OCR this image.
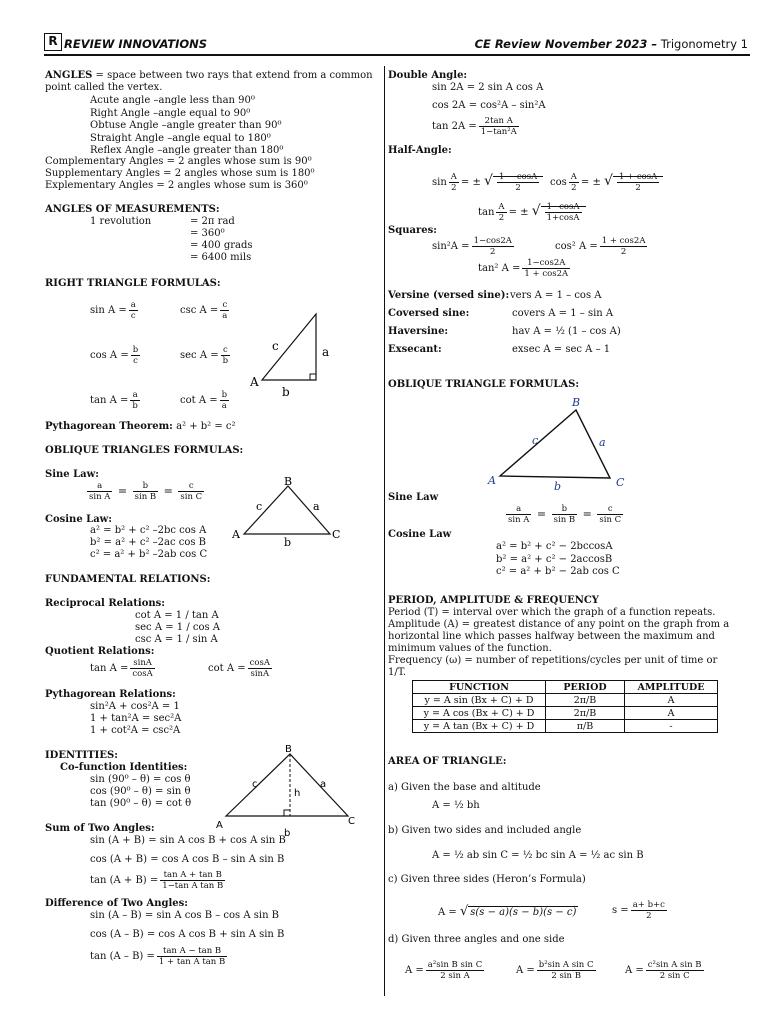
R REVIEW INNOVATIONS	CE Review November 2023 – Trigonometry 1
ANGLES = space between two rays that extend from a common
point called the vertex.
Acute angle –angle less than 90⁰
Right Angle –angle equal to 90⁰
Obtuse Angle –angle greater than 90⁰
Straight Angle –angle equal to 180⁰
Reflex Angle –angle greater than 180⁰
Complementary Angles = 2 angles whose sum is 90⁰
Supplementary Angles = 2 angles whose sum is 180⁰
Explementary Angles = 2 angles whose sum is 360⁰
ANGLES OF MEASUREMENTS:
1 revolution	= 2π rad
= 360⁰
= 400 grads
= 6400 mils
RIGHT TRIANGLE FORMULAS:
$\sin A = \frac{a}{c}$	$\csc A = \frac{c}{a}$
$\cos A = \frac{b}{c}$	$\sec A = \frac{c}{b}$
$\tan A = \frac{a}{b}$	$\cot A = \frac{b}{a}$
c	a
A
b
Pythagorean Theorem: a² + b² = c²
OBLIQUE TRIANGLES FORMULAS:
Sine Law:
$\frac{a}{\text{sin A}} = \frac{b}{\text{sin B}} = \frac{c}{\text{sin C}}$
Cosine Law:
a² = b² + c² –2bc cos A
b² = a² + c² –2ac cos B
c² = a² + b² –2ab cos C
B
c	a
A	C
b
FUNDAMENTAL RELATIONS:
Reciprocal Relations:
cot A = 1 / tan A
sec A = 1 / cos A
csc A = 1 / sin A
Quotient Relations:
$\tan A = \frac{\sin A}{\cos A}$	$\cot A = \frac{\cos A}{\sin A}$
Pythagorean Relations:
sin²A + cos²A = 1
1 + tan²A = sec²A
1 + cot²A = csc²A
IDENTITIES:
Co-function Identities:
sin (90⁰ – θ) = cos θ
cos (90⁰ – θ) = sin θ
tan (90⁰ – θ) = cot θ
B
c	a
h
A	C
b
Sum of Two Angles:
sin (A + B) = sin A cos B + cos A sin B
cos (A + B) = cos A cos B – sin A sin B
$\tan (A + B) = \frac{\text{tan A + tan B}}{\text{1−tan A tan B}}$
Difference of Two Angles:
sin (A – B) = sin A cos B – cos A sin B
cos (A – B) = cos A cos B + sin A sin B
$\tan (A - B) = \frac{\text{tan A − tan B}}{\text{1 + tan A tan B}}$
Double Angle:
sin 2A = 2 sin A cos A
cos 2A = cos²A – sin²A
$\tan 2A = \frac{\text{2tan A}}{\text{1−tan²A}}$
Half-Angle:
$\sin \frac{A}{2}$ = ± √ $\frac{1 - \cos A}{2}$ $\cos \frac{A}{2}$ = ± √ $\frac{1 + \cos A}{2}$
$\tan \frac{A}{2}$ = ± √ $\frac{1-\cos A}{1+\cos A}$
Squares:
$\sin^2A = \frac{1-\cos 2A}{2}$	cos² $A = \frac{1 + \cos 2A}{2}$
tan² $A = \frac{1-\cos 2A}{1 + \cos 2A}$
Versine (versed sine): vers A = 1 – cos A
Coversed sine:	covers A = 1 – sin A
Haversine:	hav A = ½ (1 – cos A)
Exsecant:	exsec A = sec A – 1
OBLIQUE TRIANGLE FORMULAS:
B
c	a
A	C
b
Sine Law
$\frac{a}{\text{sin A}} = \frac{b}{\text{sin B}} = \frac{c}{\text{sin C}}$
Cosine Law
a² = b² + c² − 2bccosA
b² = a² + c² − 2accosB
c² = a² + b² − 2ab cos C
PERIOD, AMPLITUDE & FREQUENCY
Period (T) = interval over which the graph of a function repeats.
Amplitude (A) = greatest distance of any point on the graph from a
horizontal line which passes halfway between the maximum and
minimum values of the function.
Frequency (ω) = number of repetitions/cycles per unit of time or
1/T.
FUNCTION	PERIOD	AMPLITUDE
y = A sin (Bx + C) + D	2π/B	A
y = A cos (Bx + C) + D	2π/B	A
y = A tan (Bx + C) + D	π/B	-
AREA OF TRIANGLE:
a) Given the base and altitude
A = ½ bh
b) Given two sides and included angle
A = ½ ab sin C = ½ bc sin A = ½ ac sin B
c) Given three sides (Heron’s Formula)
A = √ s(s − a)(s − b)(s − c)	$s = \frac{a+ b+c}{2}$
d) Given three angles and one side
$A = \frac{\text{a²sin B sin C}}{\text{2 sin A}}$	$A = \frac{\text{b²sin A sin C}}{\text{2 sin B}}$	$A = \frac{\text{c²sin A sin B}}{\text{2 sin C}}$
